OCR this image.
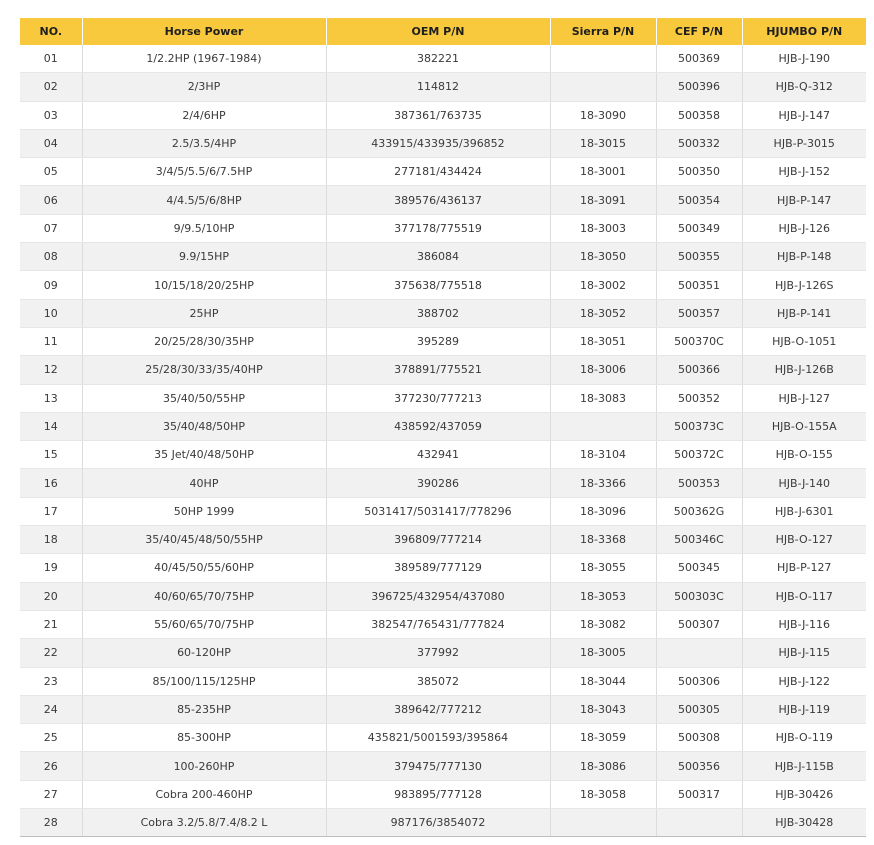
NO.	Horse Power	OEM P/N	Sierra P/N	CEF P/N	HJUMBO P/N
01	1/2.2HP (1967-1984)	382221		500369	HJB-J-190
02	2/3HP	114812		500396	HJB-Q-312
03	2/4/6HP	387361/763735	18-3090	500358	HJB-J-147
04	2.5/3.5/4HP	433915/433935/396852	18-3015	500332	HJB-P-3015
05	3/4/5/5.5/6/7.5HP	277181/434424	18-3001	500350	HJB-J-152
06	4/4.5/5/6/8HP	389576/436137	18-3091	500354	HJB-P-147
07	9/9.5/10HP	377178/775519	18-3003	500349	HJB-J-126
08	9.9/15HP	386084	18-3050	500355	HJB-P-148
09	10/15/18/20/25HP	375638/775518	18-3002	500351	HJB-J-126S
10	25HP	388702	18-3052	500357	HJB-P-141
11	20/25/28/30/35HP	395289	18-3051	500370C	HJB-O-1051
12	25/28/30/33/35/40HP	378891/775521	18-3006	500366	HJB-J-126B
13	35/40/50/55HP	377230/777213	18-3083	500352	HJB-J-127
14	35/40/48/50HP	438592/437059		500373C	HJB-O-155A
15	35 Jet/40/48/50HP	432941	18-3104	500372C	HJB-O-155
16	40HP	390286	18-3366	500353	HJB-J-140
17	50HP 1999	5031417/5031417/778296	18-3096	500362G	HJB-J-6301
18	35/40/45/48/50/55HP	396809/777214	18-3368	500346C	HJB-O-127
19	40/45/50/55/60HP	389589/777129	18-3055	500345	HJB-P-127
20	40/60/65/70/75HP	396725/432954/437080	18-3053	500303C	HJB-O-117
21	55/60/65/70/75HP	382547/765431/777824	18-3082	500307	HJB-J-116
22	60-120HP	377992	18-3005		HJB-J-115
23	85/100/115/125HP	385072	18-3044	500306	HJB-J-122
24	85-235HP	389642/777212	18-3043	500305	HJB-J-119
25	85-300HP	435821/5001593/395864	18-3059	500308	HJB-O-119
26	100-260HP	379475/777130	18-3086	500356	HJB-J-115B
27	Cobra 200-460HP	983895/777128	18-3058	500317	HJB-30426
28	Cobra 3.2/5.8/7.4/8.2 L	987176/3854072			HJB-30428
